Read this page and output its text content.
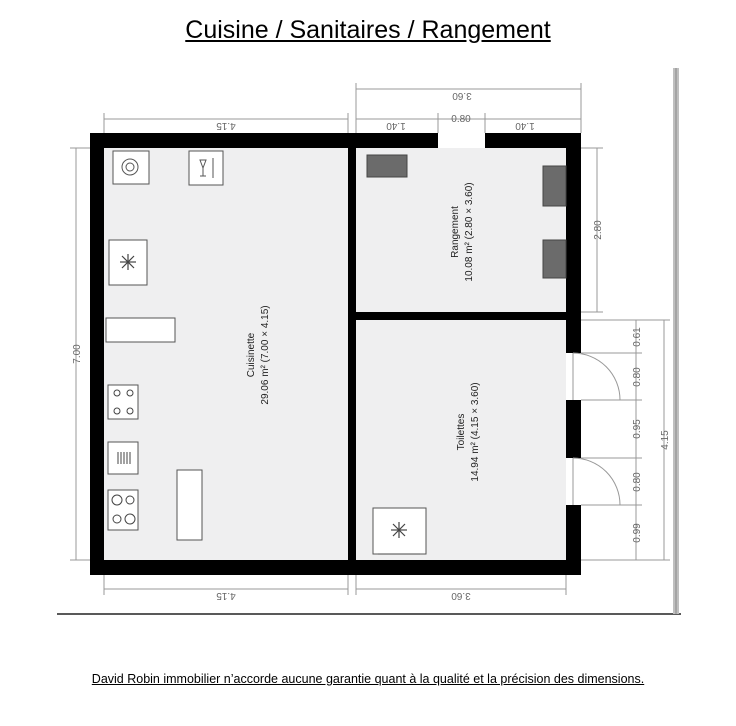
Cuisine / Sanitaires / Rangement
Cuisinette 29.06 m² (7.00 × 4.15)
Rangement 10.08 m² (2.80 × 3.60)
Toilettes 14.94 m² (4.15 × 3.60)
4.15
3.60
1.40
0.80
1.40
7.00
2.80
0.61
0.80
0.95
0.80
0.99
4.15
4.15	3.60
David Robin immobilier n’accorde aucune garantie quant à la qualité et la précision des dimensions.
